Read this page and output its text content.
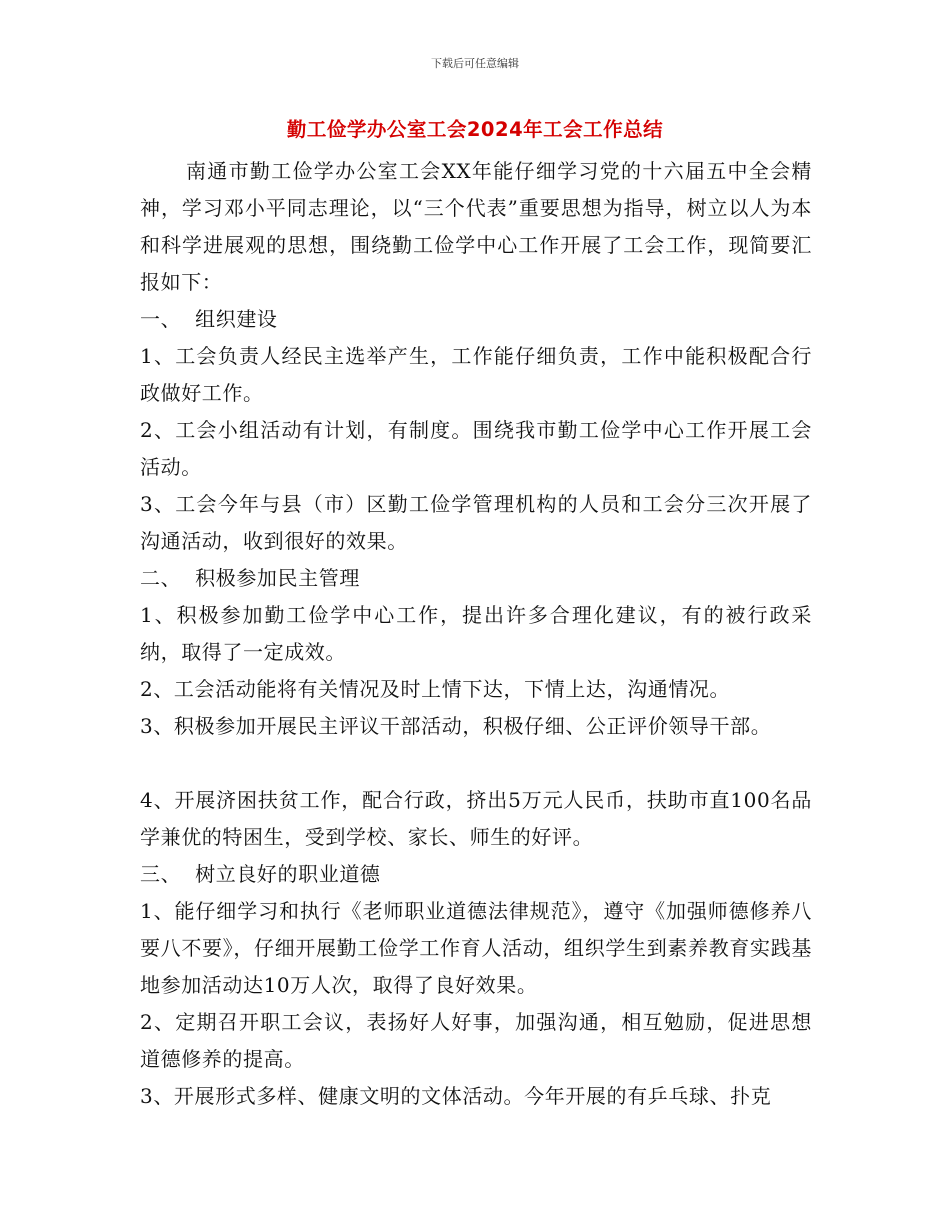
下载后可任意编辑

勤工俭学办公室工会2024年工会工作总结

南通市勤工俭学办公室工会XX年能仔细学习党的十六届五中全会精神，学习邓小平同志理论，以“三个代表”重要思想为指导，树立以人为本和科学进展观的思想，围绕勤工俭学中心工作开展了工会工作，现简要汇报如下：

一、  组织建设

1、工会负责人经民主选举产生，工作能仔细负责，工作中能积极配合行政做好工作。

2、工会小组活动有计划，有制度。围绕我市勤工俭学中心工作开展工会活动。

3、工会今年与县（市）区勤工俭学管理机构的人员和工会分三次开展了沟通活动，收到很好的效果。

二、  积极参加民主管理

1、积极参加勤工俭学中心工作，提出许多合理化建议，有的被行政采纳，取得了一定成效。

2、工会活动能将有关情况及时上情下达，下情上达，沟通情况。

3、积极参加开展民主评议干部活动，积极仔细、公正评价领导干部。

4、开展济困扶贫工作，配合行政，挤出5万元人民币，扶助市直100名品学兼优的特困生，受到学校、家长、师生的好评。

三、  树立良好的职业道德

1、能仔细学习和执行《老师职业道德法律规范》，遵守《加强师德修养八要八不要》，仔细开展勤工俭学工作育人活动，组织学生到素养教育实践基地参加活动达10万人次，取得了良好效果。

2、定期召开职工会议，表扬好人好事，加强沟通，相互勉励，促进思想道德修养的提高。

3、开展形式多样、健康文明的文体活动。今年开展的有乒乓球、扑克
